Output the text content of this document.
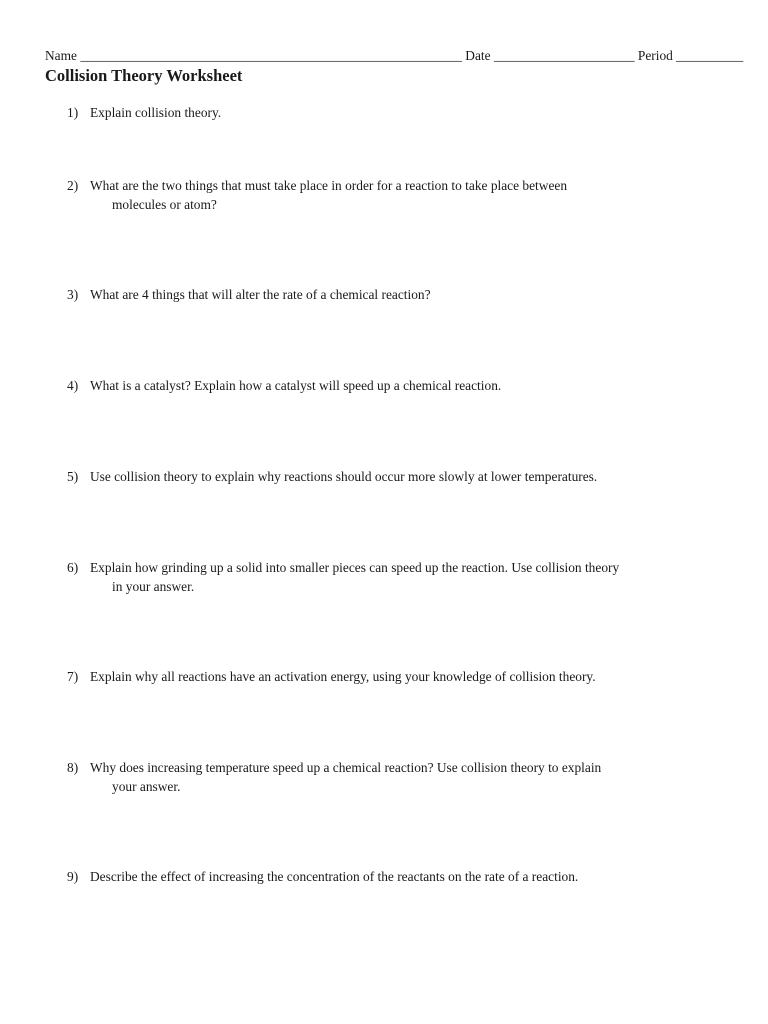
Name _________________________________________________________ Date _____________________ Period __________
Collision Theory Worksheet
1) Explain collision theory.
2) What are the two things that must take place in order for a reaction to take place between
molecules or atom?
3) What are 4 things that will alter the rate of a chemical reaction?
4) What is a catalyst? Explain how a catalyst will speed up a chemical reaction.
5) Use collision theory to explain why reactions should occur more slowly at lower temperatures.
6) Explain how grinding up a solid into smaller pieces can speed up the reaction. Use collision theory
in your answer.
7) Explain why all reactions have an activation energy, using your knowledge of collision theory.
8) Why does increasing temperature speed up a chemical reaction? Use collision theory to explain
your answer.
9) Describe the effect of increasing the concentration of the reactants on the rate of a reaction.
